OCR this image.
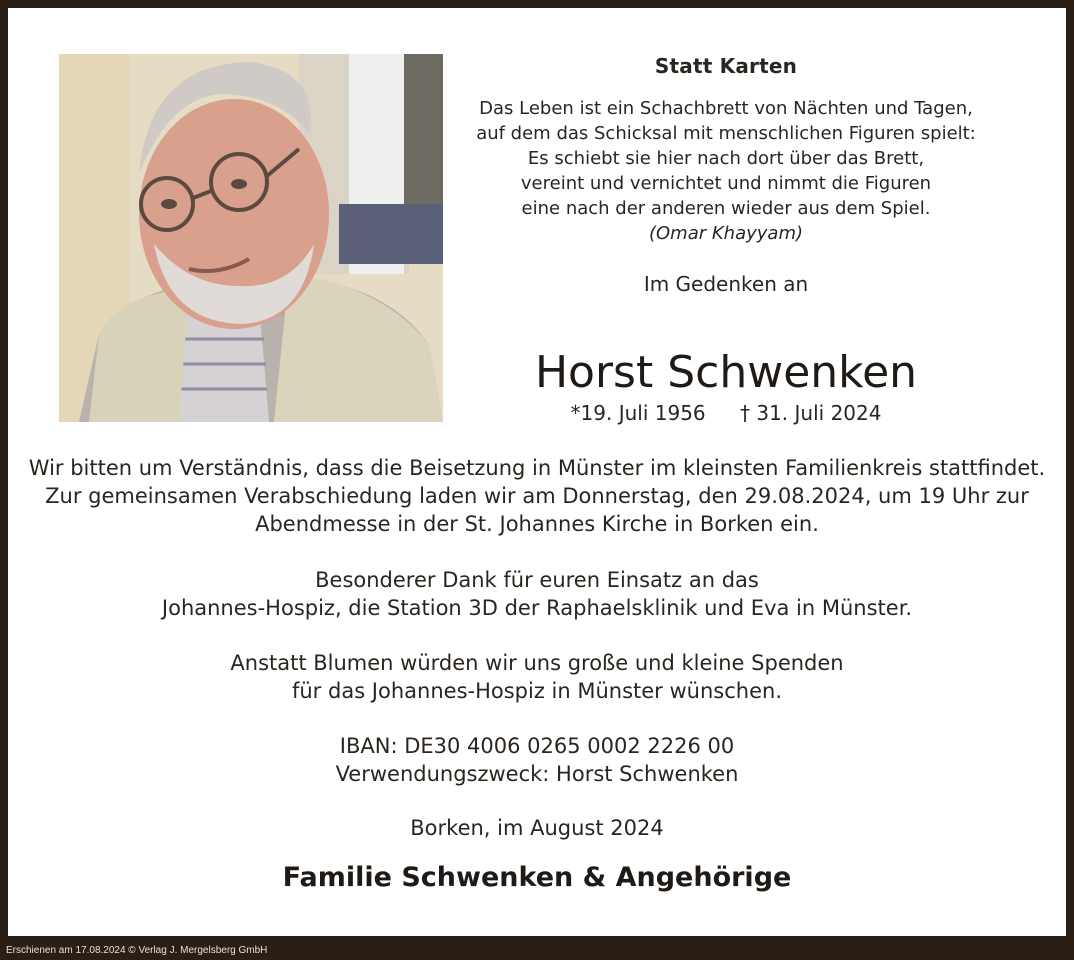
Statt Karten
Das Leben ist ein Schachbrett von Nächten und Tagen,
auf dem das Schicksal mit menschlichen Figuren spielt:
Es schiebt sie hier nach dort über das Brett,
vereint und vernichtet und nimmt die Figuren
eine nach der anderen wieder aus dem Spiel.
(Omar Khayyam)
Im Gedenken an
Horst Schwenken
*19. Juli 1956 † 31. Juli 2024
Wir bitten um Verständnis, dass die Beisetzung in Münster im kleinsten Familienkreis stattfindet.
Zur gemeinsamen Verabschiedung laden wir am Donnerstag, den 29.08.2024, um 19 Uhr zur
Abendmesse in der St. Johannes Kirche in Borken ein.
Besonderer Dank für euren Einsatz an das
Johannes-Hospiz, die Station 3D der Raphaelsklinik und Eva in Münster.
Anstatt Blumen würden wir uns große und kleine Spenden
für das Johannes-Hospiz in Münster wünschen.
IBAN: DE30 4006 0265 0002 2226 00
Verwendungszweck: Horst Schwenken
Borken, im August 2024
Familie Schwenken & Angehörige
Erschienen am 17.08.2024 © Verlag J. Mergelsberg GmbH
